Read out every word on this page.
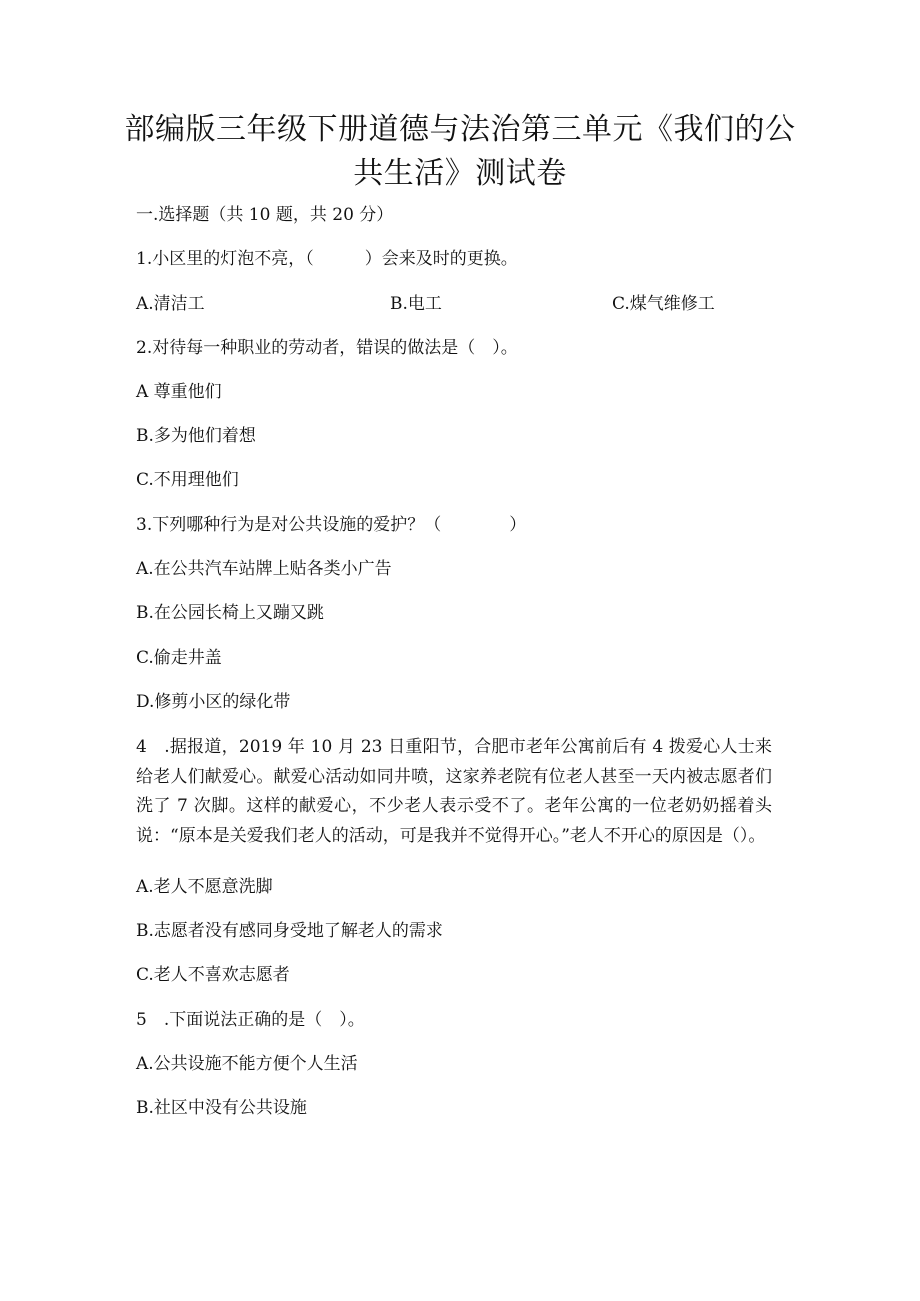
部编版三年级下册道德与法治第三单元《我们的公共生活》测试卷
一.选择题（共 10 题，共 20 分）
1.小区里的灯泡不亮，（　　　）会来及时的更换。
A.清洁工	B.电工	C.煤气维修工
2.对待每一种职业的劳动者，错误的做法是（　）。
A 尊重他们
B.多为他们着想
C.不用理他们
3.下列哪种行为是对公共设施的爱护？（　　　　）
A.在公共汽车站牌上贴各类小广告
B.在公园长椅上又蹦又跳
C.偷走井盖
D.修剪小区的绿化带
4　.据报道，2019 年 10 月 23 日重阳节，合肥市老年公寓前后有 4 拨爱心人士来给老人们献爱心。献爱心活动如同井喷，这家养老院有位老人甚至一天内被志愿者们洗了 7 次脚。这样的献爱心，不少老人表示受不了。老年公寓的一位老奶奶摇着头说：“原本是关爱我们老人的活动，可是我并不觉得开心。”老人不开心的原因是（）。
A.老人不愿意洗脚
B.志愿者没有感同身受地了解老人的需求
C.老人不喜欢志愿者
5　.下面说法正确的是（　）。
A.公共设施不能方便个人生活
B.社区中没有公共设施
